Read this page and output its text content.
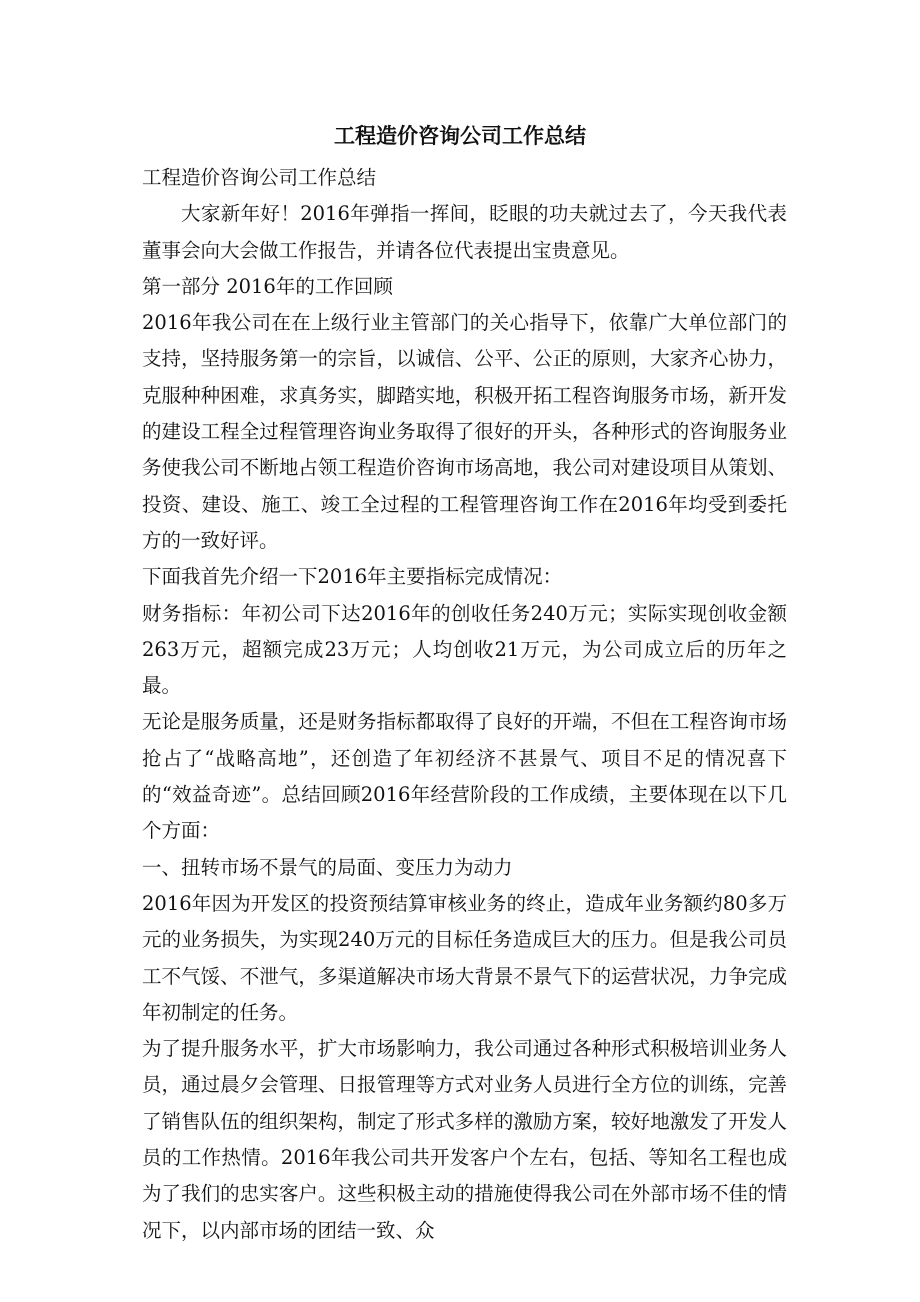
工程造价咨询公司工作总结

工程造价咨询公司工作总结

大家新年好！2016年弹指一挥间，眨眼的功夫就过去了，今天我代表董事会向大会做工作报告，并请各位代表提出宝贵意见。

第一部分 2016年的工作回顾

2016年我公司在在上级行业主管部门的关心指导下，依靠广大单位部门的支持，坚持服务第一的宗旨，以诚信、公平、公正的原则，大家齐心协力，克服种种困难，求真务实，脚踏实地，积极开拓工程咨询服务市场，新开发的建设工程全过程管理咨询业务取得了很好的开头，各种形式的咨询服务业务使我公司不断地占领工程造价咨询市场高地，我公司对建设项目从策划、投资、建设、施工、竣工全过程的工程管理咨询工作在2016年均受到委托方的一致好评。

下面我首先介绍一下2016年主要指标完成情况：

财务指标：年初公司下达2016年的创收任务240万元；实际实现创收金额263万元，超额完成23万元；人均创收21万元，为公司成立后的历年之最。

无论是服务质量，还是财务指标都取得了良好的开端，不但在工程咨询市场抢占了“战略高地”，还创造了年初经济不甚景气、项目不足的情况喜下的“效益奇迹”。总结回顾2016年经营阶段的工作成绩，主要体现在以下几个方面：

一、扭转市场不景气的局面、变压力为动力

2016年因为开发区的投资预结算审核业务的终止，造成年业务额约80多万元的业务损失，为实现240万元的目标任务造成巨大的压力。但是我公司员工不气馁、不泄气，多渠道解决市场大背景不景气下的运营状况，力争完成年初制定的任务。

为了提升服务水平，扩大市场影响力，我公司通过各种形式积极培训业务人员，通过晨夕会管理、日报管理等方式对业务人员进行全方位的训练，完善了销售队伍的组织架构，制定了形式多样的激励方案，较好地激发了开发人员的工作热情。2016年我公司共开发客户个左右，包括、等知名工程也成为了我们的忠实客户。这些积极主动的措施使得我公司在外部市场不佳的情况下，以内部市场的团结一致、众
